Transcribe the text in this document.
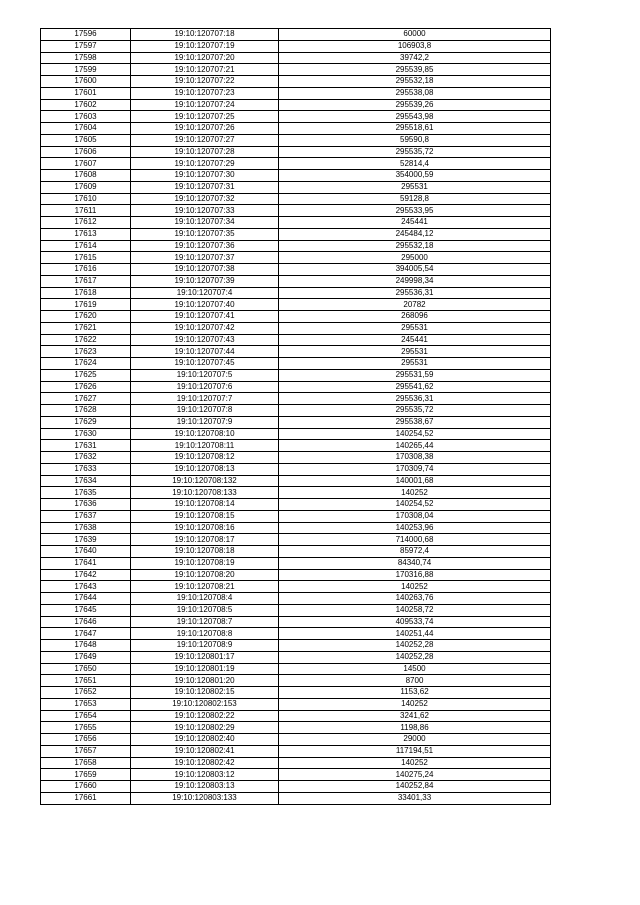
17596	19:10:120707:18	60000
17597	19:10:120707:19	106903,8
17598	19:10:120707:20	39742,2
17599	19:10:120707:21	295539,85
17600	19:10:120707:22	295532,18
17601	19:10:120707:23	295538,08
17602	19:10:120707:24	295539,26
17603	19:10:120707:25	295543,98
17604	19:10:120707:26	295518,61
17605	19:10:120707:27	59590,8
17606	19:10:120707:28	295535,72
17607	19:10:120707:29	52814,4
17608	19:10:120707:30	354000,59
17609	19:10:120707:31	295531
17610	19:10:120707:32	59128,8
17611	19:10:120707:33	295533,95
17612	19:10:120707:34	245441
17613	19:10:120707:35	245484,12
17614	19:10:120707:36	295532,18
17615	19:10:120707:37	295000
17616	19:10:120707:38	394005,54
17617	19:10:120707:39	249998,34
17618	19:10:120707:4	295536,31
17619	19:10:120707:40	20782
17620	19:10:120707:41	268096
17621	19:10:120707:42	295531
17622	19:10:120707:43	245441
17623	19:10:120707:44	295531
17624	19:10:120707:45	295531
17625	19:10:120707:5	295531,59
17626	19:10:120707:6	295541,62
17627	19:10:120707:7	295536,31
17628	19:10:120707:8	295535,72
17629	19:10:120707:9	295538,67
17630	19:10:120708:10	140254,52
17631	19:10:120708:11	140265,44
17632	19:10:120708:12	170308,38
17633	19:10:120708:13	170309,74
17634	19:10:120708:132	140001,68
17635	19:10:120708:133	140252
17636	19:10:120708:14	140254,52
17637	19:10:120708:15	170308,04
17638	19:10:120708:16	140253,96
17639	19:10:120708:17	714000,68
17640	19:10:120708:18	85972,4
17641	19:10:120708:19	84340,74
17642	19:10:120708:20	170316,88
17643	19:10:120708:21	140252
17644	19:10:120708:4	140263,76
17645	19:10:120708:5	140258,72
17646	19:10:120708:7	409533,74
17647	19:10:120708:8	140251,44
17648	19:10:120708:9	140252,28
17649	19:10:120801:17	140252,28
17650	19:10:120801:19	14500
17651	19:10:120801:20	8700
17652	19:10:120802:15	1153,62
17653	19:10:120802:153	140252
17654	19:10:120802:22	3241,62
17655	19:10:120802:29	1198,86
17656	19:10:120802:40	29000
17657	19:10:120802:41	117194,51
17658	19:10:120802:42	140252
17659	19:10:120803:12	140275,24
17660	19:10:120803:13	140252,84
17661	19:10:120803:133	33401,33
